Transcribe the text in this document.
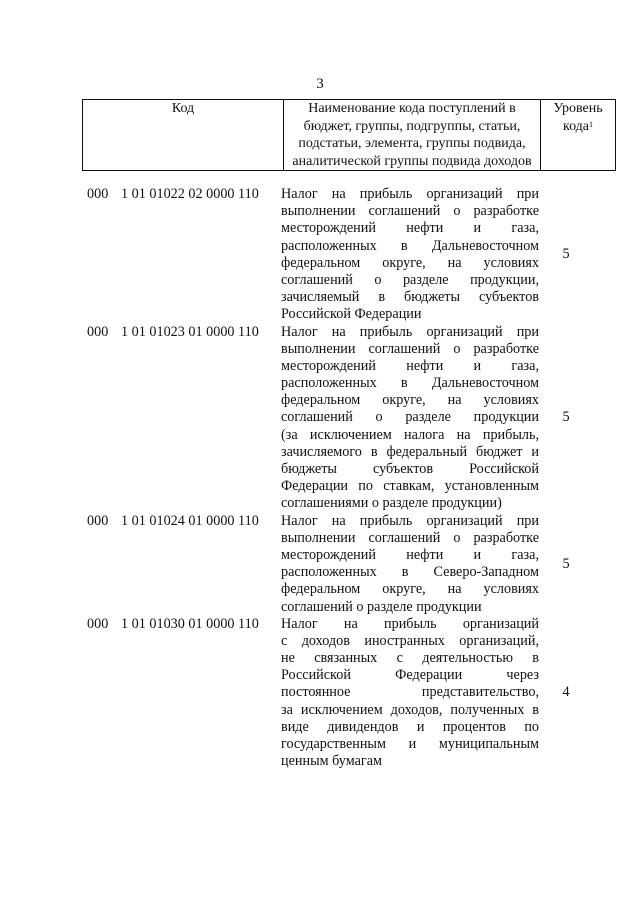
3
Код	Наименование кода поступлений в
бюджет, группы, подгруппы, статьи,
подстатьи, элемента, группы подвида,
аналитической группы подвида доходов

Уровень
кода$^1$
000 1 01 01022 02 0000 110	Налог на прибыль организаций при
выполнении соглашений о разработке
месторождений нефти и газа,
расположенных в Дальневосточном
федеральном округе, на условиях
соглашений о разделе продукции,
зачисляемый в бюджеты субъектов
Российской Федерации
5
000 1 01 01023 01 0000 110	Налог на прибыль организаций при
выполнении соглашений о разработке
месторождений нефти и газа,
расположенных в Дальневосточном
федеральном округе, на условиях
соглашений о разделе продукции
(за исключением налога на прибыль,
зачисляемого в федеральный бюджет и
бюджеты субъектов Российской
Федерации по ставкам, установленным
соглашениями о разделе продукции)
5
000 1 01 01024 01 0000 110	Налог на прибыль организаций при
выполнении соглашений о разработке
месторождений нефти и газа,
расположенных в Северо-Западном
федеральном округе, на условиях
соглашений о разделе продукции
5
000 1 01 01030 01 0000 110	Налог на прибыль организаций
с доходов иностранных организаций,
не связанных с деятельностью в
Российской Федерации через
постоянное представительство,
за исключением доходов, полученных в
виде дивидендов и процентов по
государственным и муниципальным
ценным бумагам
4
